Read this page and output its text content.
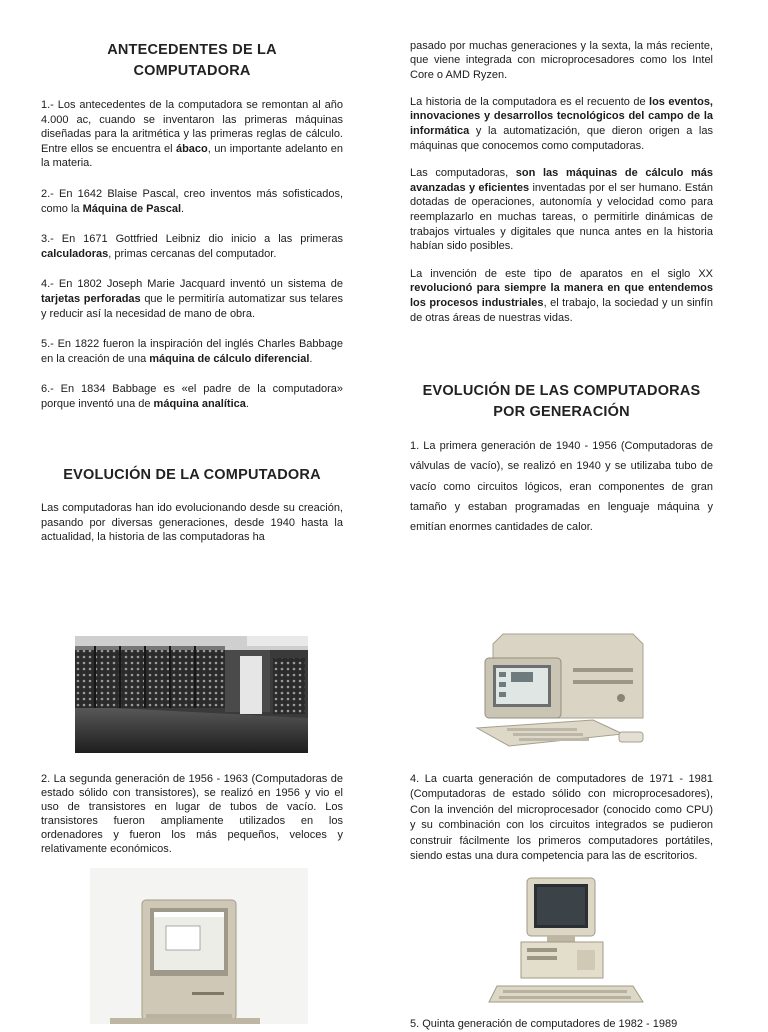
ANTECEDENTES DE LA COMPUTADORA

1.- Los antecedentes de la computadora se remontan al año 4.000 ac, cuando se inventaron las primeras máquinas diseñadas para la aritmética y las primeras reglas de cálculo. Entre ellos se encuentra el ábaco, un importante adelanto en la materia.

2.- En 1642 Blaise Pascal, creo inventos más sofisticados, como la Máquina de Pascal.

3.- En 1671 Gottfried Leibniz dio inicio a las primeras calculadoras, primas cercanas del computador.

4.- En 1802 Joseph Marie Jacquard inventó un sistema de tarjetas perforadas que le permitiría automatizar sus telares y reducir así la necesidad de mano de obra.

5.- En 1822 fueron la inspiración del inglés Charles Babbage en la creación de una máquina de cálculo diferencial.

6.- En 1834 Babbage es «el padre de la computadora» porque inventó una de máquina analítica.

EVOLUCIÓN DE LA COMPUTADORA

Las computadoras han ido evolucionando desde su creación, pasando por diversas generaciones, desde 1940 hasta la actualidad, la historia de las computadoras ha

2. La segunda generación de 1956 - 1963 (Computadoras de estado sólido con transistores), se realizó en 1956 y vio el uso de transistores en lugar de tubos de vacío. Los transistores fueron ampliamente utilizados en los ordenadores y fueron los más pequeños, veloces y relativamente económicos.

pasado por muchas generaciones y la sexta, la más reciente, que viene integrada con microprocesadores como los Intel Core o AMD Ryzen.

La historia de la computadora es el recuento de los eventos, innovaciones y desarrollos tecnológicos del campo de la informática y la automatización, que dieron origen a las máquinas que conocemos como computadoras.

Las computadoras, son las máquinas de cálculo más avanzadas y eficientes inventadas por el ser humano. Están dotadas de operaciones, autonomía y velocidad como para reemplazarlo en muchas tareas, o permitirle dinámicas de trabajos virtuales y digitales que nunca antes en la historia habían sido posibles.

La invención de este tipo de aparatos en el siglo XX revolucionó para siempre la manera en que entendemos los procesos industriales, el trabajo, la sociedad y un sinfín de otras áreas de nuestras vidas.

EVOLUCIÓN DE LAS COMPUTADORAS POR GENERACIÓN

1. La primera generación de 1940 - 1956 (Computadoras de válvulas de vacío), se realizó en 1940 y se utilizaba tubo de vacío como circuitos lógicos, eran componentes de gran tamaño y estaban programadas en lenguaje máquina y emitían enormes cantidades de calor.

4. La cuarta generación de computadores de 1971 - 1981 (Computadoras de estado sólido con microprocesadores), Con la invención del microprocesador (conocido como CPU) y su combinación con los circuitos integrados se pudieron construir fácilmente los primeros computadores portátiles, siendo estas una dura competencia para las de escritorios.

5. Quinta generación de computadores de 1982 - 1989
